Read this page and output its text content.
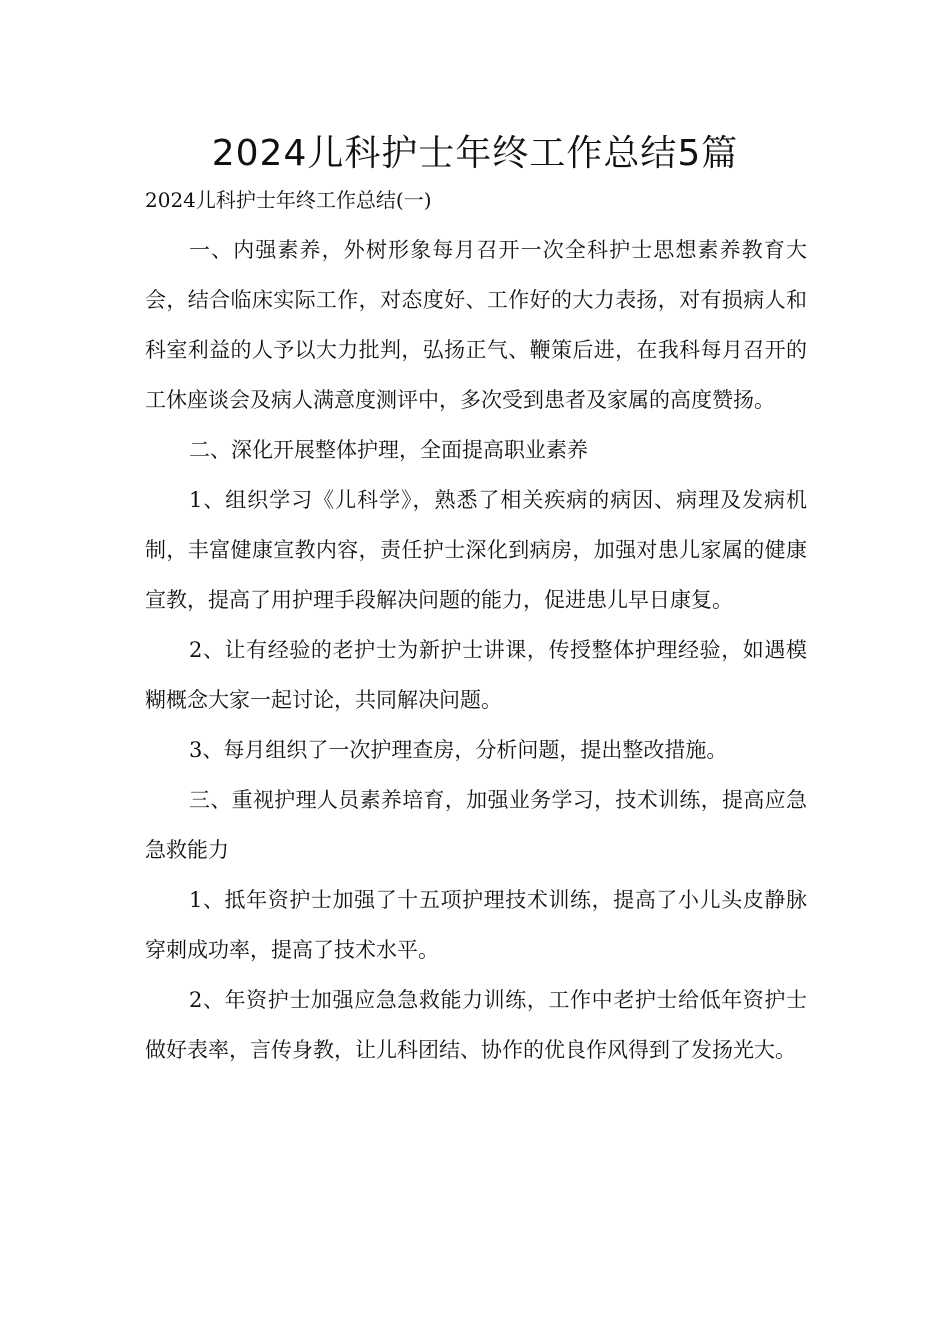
2024儿科护士年终工作总结5篇

2024儿科护士年终工作总结(一)

一、内强素养，外树形象每月召开一次全科护士思想素养教育大会，结合临床实际工作，对态度好、工作好的大力表扬，对有损病人和科室利益的人予以大力批判，弘扬正气、鞭策后进，在我科每月召开的工休座谈会及病人满意度测评中，多次受到患者及家属的高度赞扬。

二、深化开展整体护理，全面提高职业素养

1、组织学习《儿科学》，熟悉了相关疾病的病因、病理及发病机制，丰富健康宣教内容，责任护士深化到病房，加强对患儿家属的健康宣教，提高了用护理手段解决问题的能力，促进患儿早日康复。

2、让有经验的老护士为新护士讲课，传授整体护理经验，如遇模糊概念大家一起讨论，共同解决问题。

3、每月组织了一次护理查房，分析问题，提出整改措施。

三、重视护理人员素养培育，加强业务学习，技术训练，提高应急急救能力

1、抵年资护士加强了十五项护理技术训练，提高了小儿头皮静脉穿刺成功率，提高了技术水平。

2、年资护士加强应急急救能力训练，工作中老护士给低年资护士做好表率，言传身教，让儿科团结、协作的优良作风得到了发扬光大。
